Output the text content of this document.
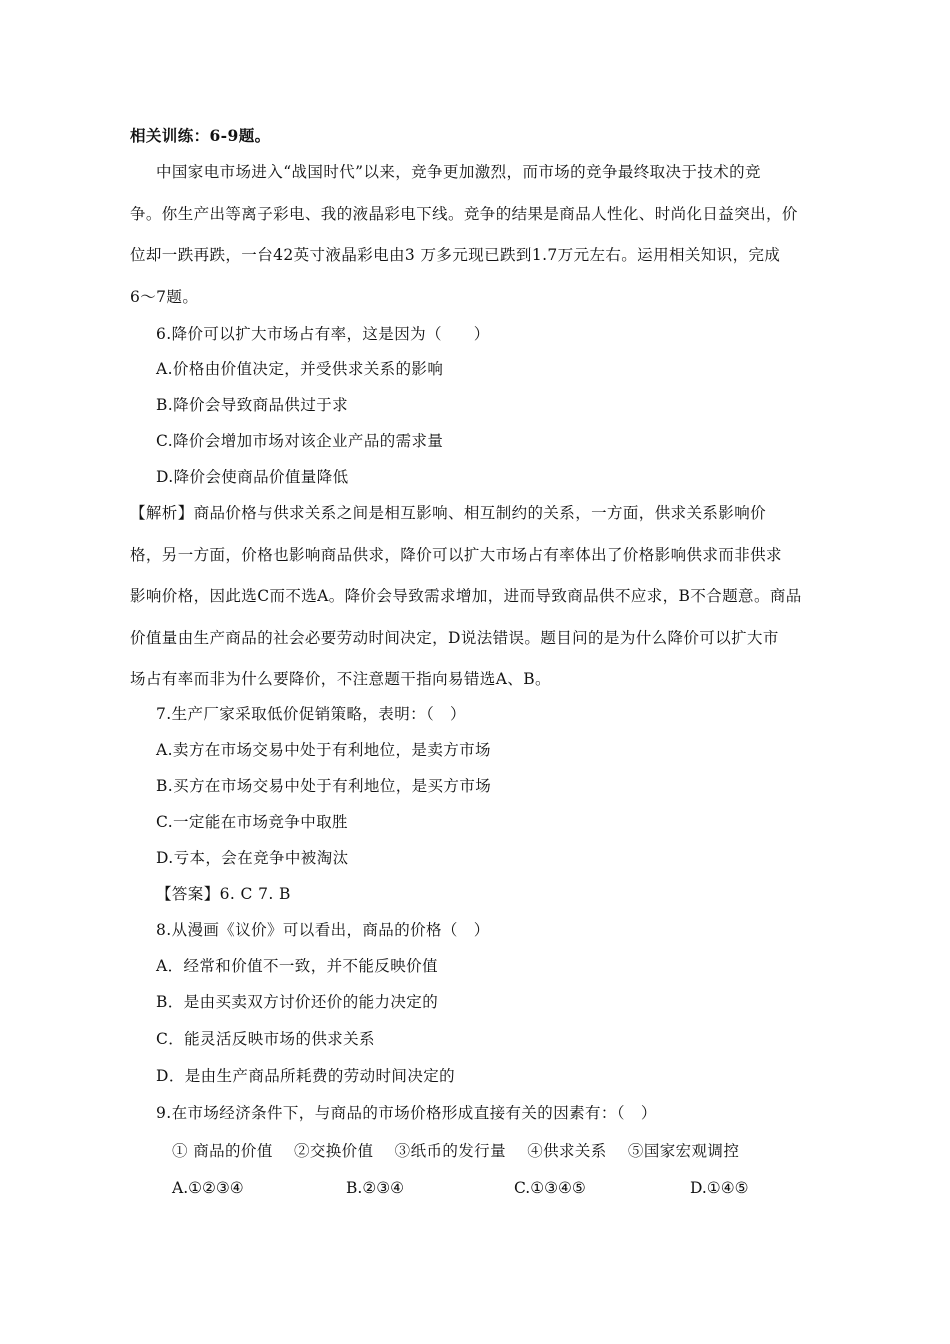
相关训练：6-9题。
中国家电市场进入“战国时代”以来，竞争更加激烈，而市场的竞争最终取决于技术的竞
争。你生产出等离子彩电、我的液晶彩电下线。竞争的结果是商品人性化、时尚化日益突出，价
位却一跌再跌，一台42英寸液晶彩电由3 万多元现已跌到1.7万元左右。运用相关知识，完成
6～7题。
6.降价可以扩大市场占有率，这是因为（　　）
A.价格由价值决定，并受供求关系的影响
B.降价会导致商品供过于求
C.降价会增加市场对该企业产品的需求量
D.降价会使商品价值量降低
【解析】商品价格与供求关系之间是相互影响、相互制约的关系，一方面，供求关系影响价
格，另一方面，价格也影响商品供求，降价可以扩大市场占有率体出了价格影响供求而非供求
影响价格，因此选C而不选A。降价会导致需求增加，进而导致商品供不应求，B不合题意。商品
价值量由生产商品的社会必要劳动时间决定，D说法错误。题目问的是为什么降价可以扩大市
场占有率而非为什么要降价，不注意题干指向易错选A、B。
7.生产厂家采取低价促销策略，表明：（　）
A.卖方在市场交易中处于有利地位，是卖方市场
B.买方在市场交易中处于有利地位，是买方市场
C.一定能在市场竞争中取胜
D.亏本，会在竞争中被淘汰
【答案】6. C 7. B
8.从漫画《议价》可以看出，商品的价格（　）
A．经常和价值不一致，并不能反映价值
B．是由买卖双方讨价还价的能力决定的
C．能灵活反映市场的供求关系
D．是由生产商品所耗费的劳动时间决定的
9.在市场经济条件下，与商品的市场价格形成直接有关的因素有：（　）
① 商品的价值　 ②交换价值　 ③纸币的发行量　 ④供求关系　 ⑤国家宏观调控
A.①②③④	B.②③④	C.①③④⑤	D.①④⑤
